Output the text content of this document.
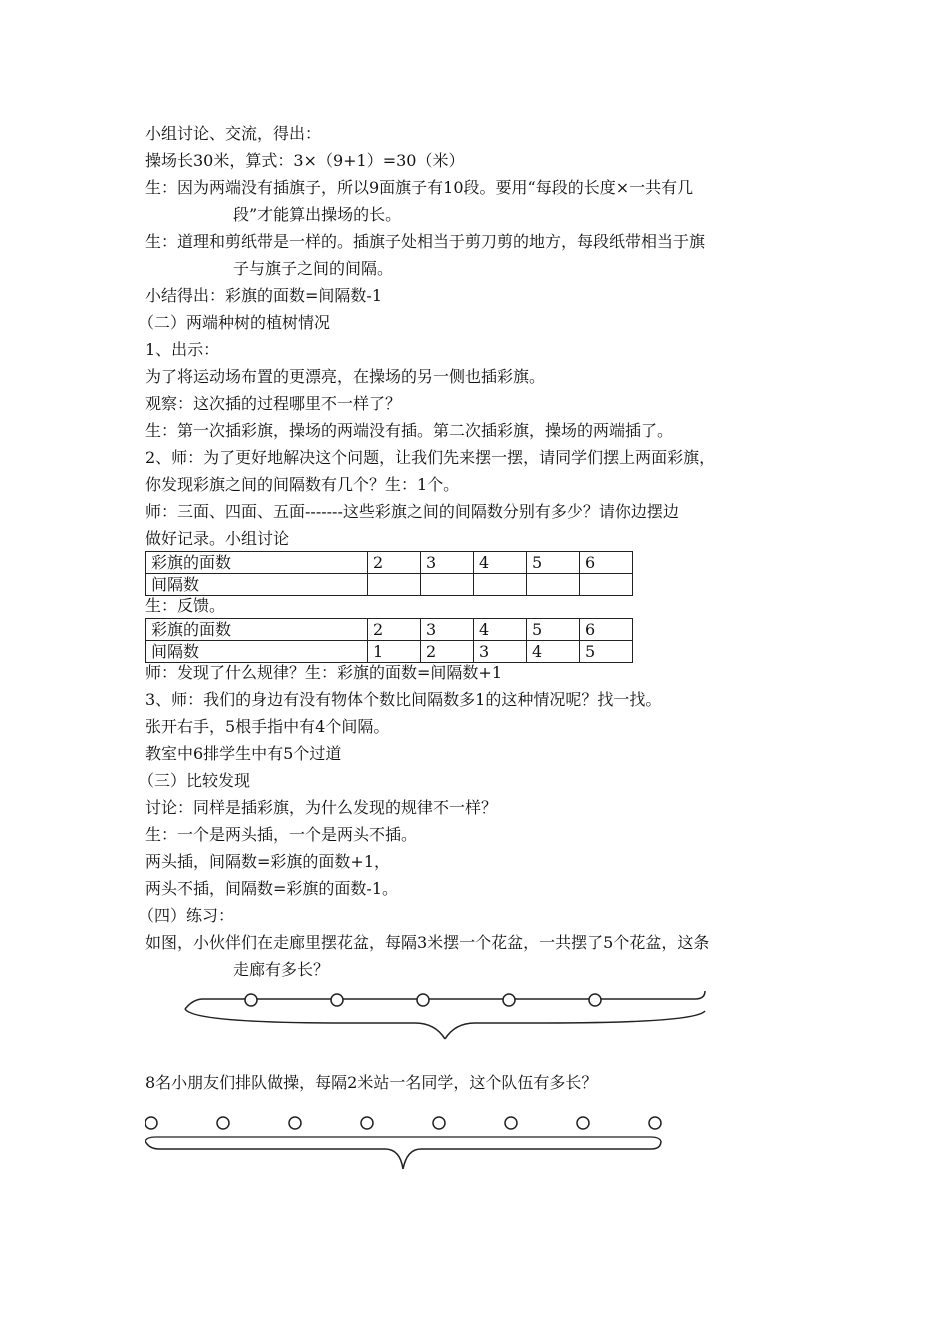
小组讨论、交流，得出：
操场长30米，算式：3×（9+1）=30（米）
生：因为两端没有插旗子，所以9面旗子有10段。要用“每段的长度×一共有几
段”才能算出操场的长。
生：道理和剪纸带是一样的。插旗子处相当于剪刀剪的地方，每段纸带相当于旗
子与旗子之间的间隔。
小结得出：彩旗的面数=间隔数-1
（二）两端种树的植树情况
1、出示：
为了将运动场布置的更漂亮，在操场的另一侧也插彩旗。
观察：这次插的过程哪里不一样了？
生：第一次插彩旗，操场的两端没有插。第二次插彩旗，操场的两端插了。
2、师：为了更好地解决这个问题，让我们先来摆一摆，请同学们摆上两面彩旗，
你发现彩旗之间的间隔数有几个？生：1个。
师：三面、四面、五面-------这些彩旗之间的间隔数分别有多少？请你边摆边
做好记录。小组讨论
彩旗的面数	2	3	4	5	6
间隔数					
生：反馈。
彩旗的面数	2	3	4	5	6
间隔数	1	2	3	4	5
师：发现了什么规律？生：彩旗的面数=间隔数+1
3、师：我们的身边有没有物体个数比间隔数多1的这种情况呢？找一找。
张开右手，5根手指中有4个间隔。
教室中6排学生中有5个过道
（三）比较发现
讨论：同样是插彩旗，为什么发现的规律不一样？
生：一个是两头插，一个是两头不插。
两头插，间隔数=彩旗的面数+1，
两头不插，间隔数=彩旗的面数-1。
（四）练习：
如图，小伙伴们在走廊里摆花盆，每隔3米摆一个花盆，一共摆了5个花盆，这条
走廊有多长？
8名小朋友们排队做操，每隔2米站一名同学，这个队伍有多长？
